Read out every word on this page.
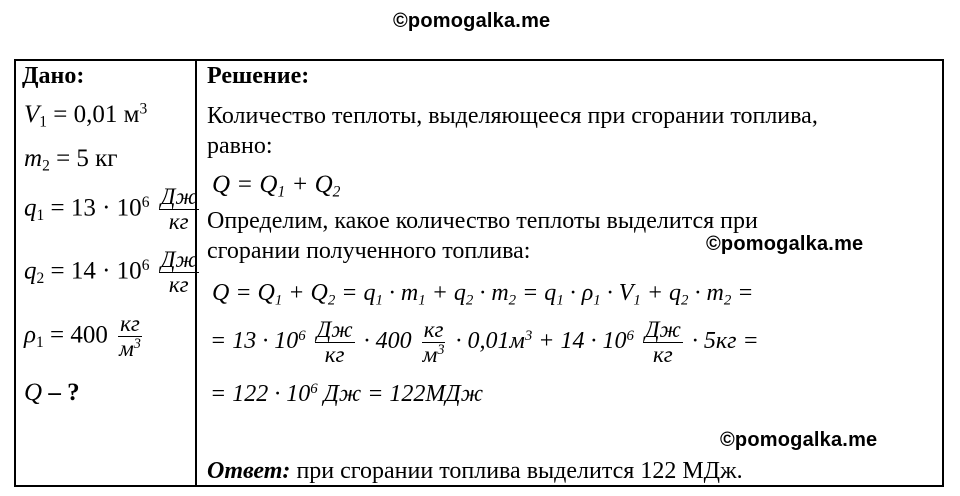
©pomogalka.me
©pomogalka.me
©pomogalka.me
Дано:
$V_1 = 0,01$ $м^3$
$m_2 = 5$ кг
$q_1 = 13 \cdot 10^6 \frac{Дж}{кг}$
$q_2 = 14 \cdot 10^6 \frac{Дж}{кг}$
$\rho_1 = 400 \frac{кг}{м^3}$
Q – ?
Решение:
Количество теплоты, выделяющееся при сгорании топлива,
равно:
$Q = Q_1 + Q_2$
Определим, какое количество теплоты выделится при
сгорании полученного топлива:
$Q = Q_1 + Q_2 = q_1 \cdot m_1 + q_2 \cdot m_2 = q_1 \cdot \rho_1 \cdot V_1 + q_2 \cdot m_2$ =
= $13 \cdot 10^6 \frac{Дж}{кг} \cdot 400 \frac{кг}{м^3} \cdot 0,01м^3 + 14 \cdot 10^6 \frac{Дж}{кг} \cdot 5кг$ =
= $122 \cdot 10^6$ Дж = 122МДж
Ответ: при сгорании топлива выделится 122 МДж.
